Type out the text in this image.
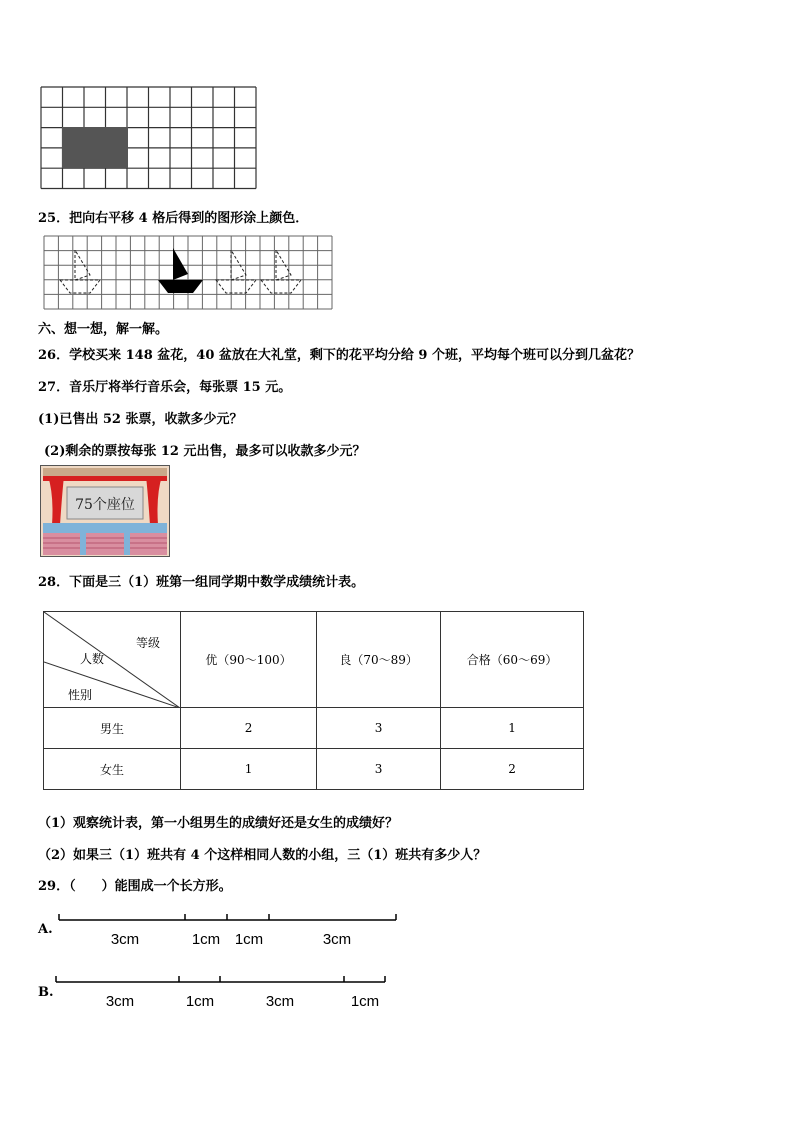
25．把向右平移 4 格后得到的图形涂上颜色．
六、想一想，解一解。
26．学校买来 148 盆花，40 盆放在大礼堂，剩下的花平均分给 9 个班，平均每个班可以分到几盆花？
27．音乐厅将举行音乐会，每张票 15 元。
(1)已售出 52 张票，收款多少元？
(2)剩余的票按每张 12 元出售，最多可以收款多少元？
75个座位
28．下面是三（1）班第一组同学期中数学成绩统计表。
等级
人数
性别	优（90～100）	良（70～89）	合格（60～69）
男生	2	3	1
女生	1	3	2
（1）观察统计表，第一小组男生的成绩好还是女生的成绩好？
（2）如果三（1）班共有 4 个这样相同人数的小组，三（1）班共有多少人？
29．（　　）能围成一个长方形。
A.
3cm	1cm 1cm	3cm
B.
3cm	1cm	3cm	1cm
